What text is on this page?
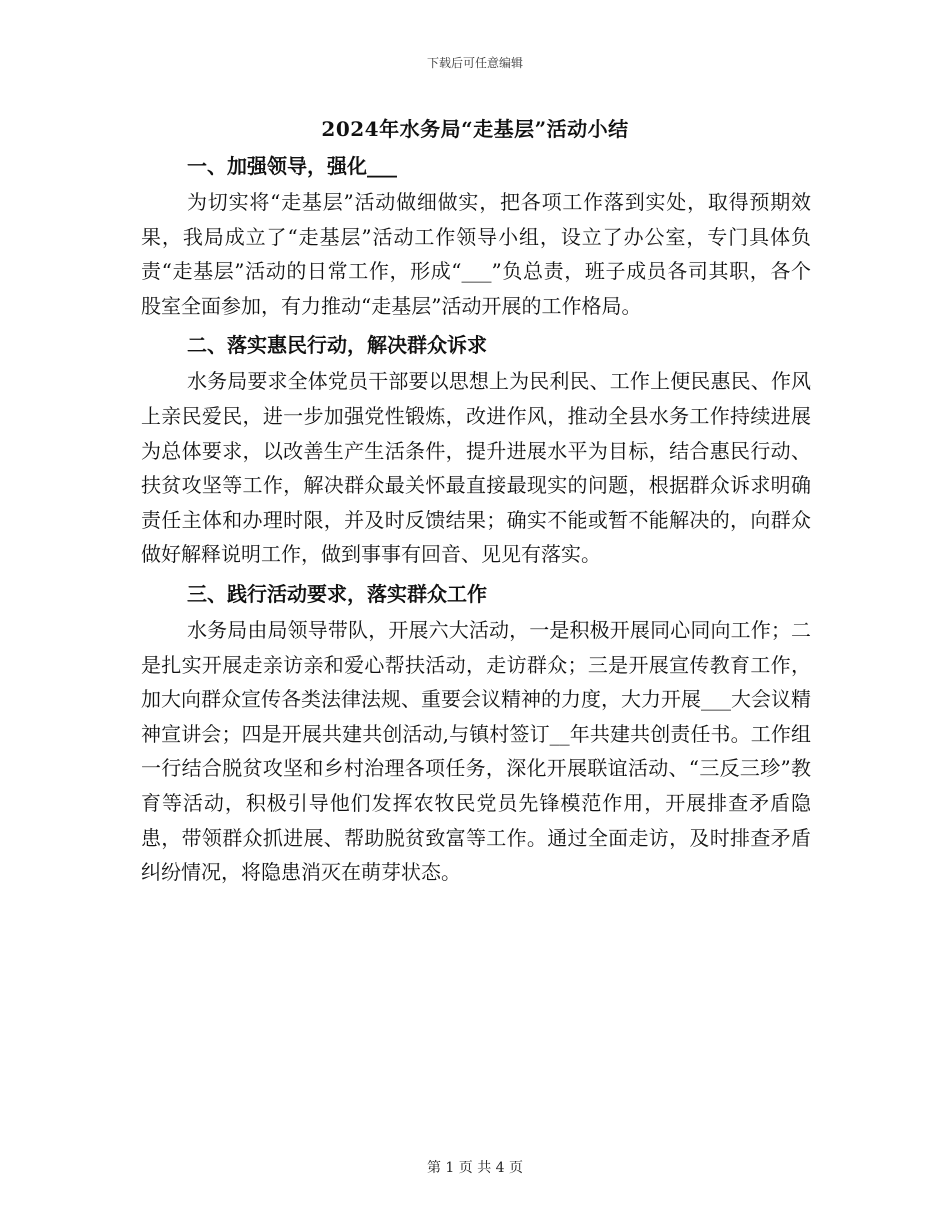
下载后可任意编辑
2024年水务局“走基层”活动小结
一、加强领导，强化___

为切实将“走基层”活动做细做实，把各项工作落到实处，取得预期效果，我局成立了“走基层”活动工作领导小组，设立了办公室，专门具体负责“走基层”活动的日常工作，形成“___”负总责，班子成员各司其职，各个股室全面参加，有力推动“走基层”活动开展的工作格局。

二、落实惠民行动，解决群众诉求

水务局要求全体党员干部要以思想上为民利民、工作上便民惠民、作风上亲民爱民，进一步加强党性锻炼，改进作风，推动全县水务工作持续进展为总体要求，以改善生产生活条件，提升进展水平为目标，结合惠民行动、扶贫攻坚等工作，解决群众最关怀最直接最现实的问题，根据群众诉求明确责任主体和办理时限，并及时反馈结果；确实不能或暂不能解决的，向群众做好解释说明工作，做到事事有回音、见见有落实。

三、践行活动要求，落实群众工作

水务局由局领导带队，开展六大活动，一是积极开展同心同向工作；二是扎实开展走亲访亲和爱心帮扶活动，走访群众；三是开展宣传教育工作，加大向群众宣传各类法律法规、重要会议精神的力度，大力开展___大会议精神宣讲会；四是开展共建共创活动,与镇村签订__年共建共创责任书。工作组一行结合脱贫攻坚和乡村治理各项任务，深化开展联谊活动、“三反三珍”教育等活动，积极引导他们发挥农牧民党员先锋模范作用，开展排查矛盾隐患，带领群众抓进展、帮助脱贫致富等工作。通过全面走访，及时排查矛盾纠纷情况，将隐患消灭在萌芽状态。

第 1 页 共 4 页
